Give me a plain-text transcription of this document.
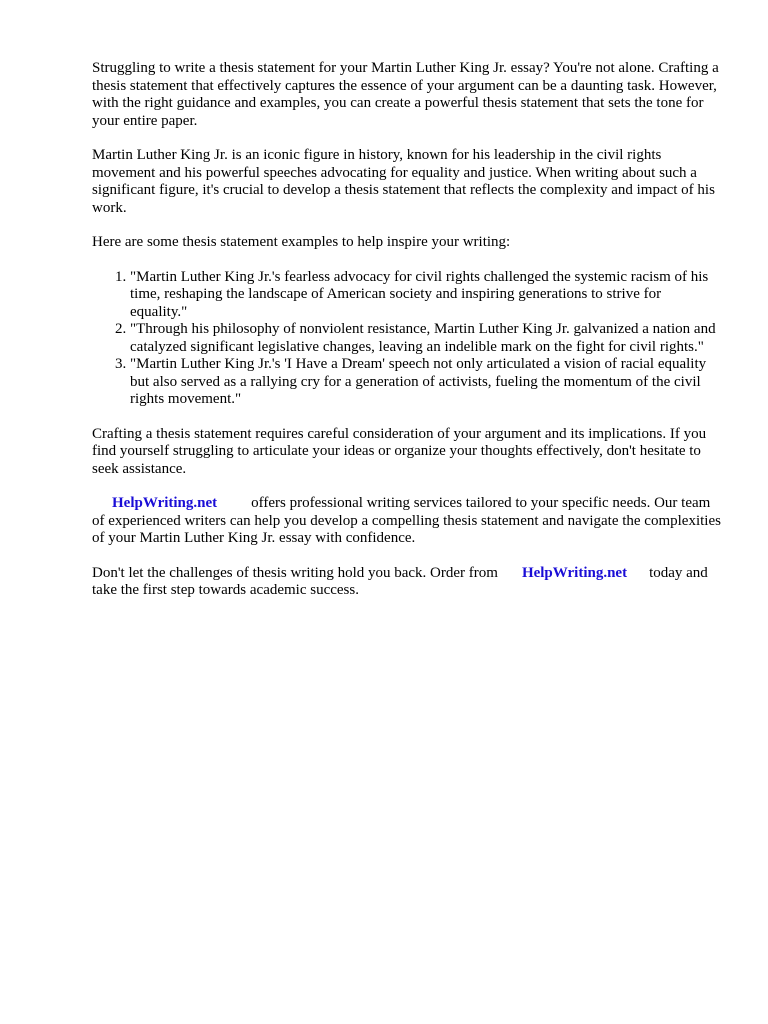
Struggling to write a thesis statement for your Martin Luther King Jr. essay? You're not alone. Crafting a thesis statement that effectively captures the essence of your argument can be a daunting task. However, with the right guidance and examples, you can create a powerful thesis statement that sets the tone for your entire paper.

Martin Luther King Jr. is an iconic figure in history, known for his leadership in the civil rights movement and his powerful speeches advocating for equality and justice. When writing about such a significant figure, it's crucial to develop a thesis statement that reflects the complexity and impact of his work.

Here are some thesis statement examples to help inspire your writing:

1. "Martin Luther King Jr.'s fearless advocacy for civil rights challenged the systemic racism of his time, reshaping the landscape of American society and inspiring generations to strive for equality."
2. "Through his philosophy of nonviolent resistance, Martin Luther King Jr. galvanized a nation and catalyzed significant legislative changes, leaving an indelible mark on the fight for civil rights."
3. "Martin Luther King Jr.'s 'I Have a Dream' speech not only articulated a vision of racial equality but also served as a rallying cry for a generation of activists, fueling the momentum of the civil rights movement."

Crafting a thesis statement requires careful consideration of your argument and its implications. If you find yourself struggling to articulate your ideas or organize your thoughts effectively, don't hesitate to seek assistance.

HelpWriting.net offers professional writing services tailored to your specific needs. Our team of experienced writers can help you develop a compelling thesis statement and navigate the complexities of your Martin Luther King Jr. essay with confidence.

Don't let the challenges of thesis writing hold you back. Order from HelpWriting.net today and take the first step towards academic success.
